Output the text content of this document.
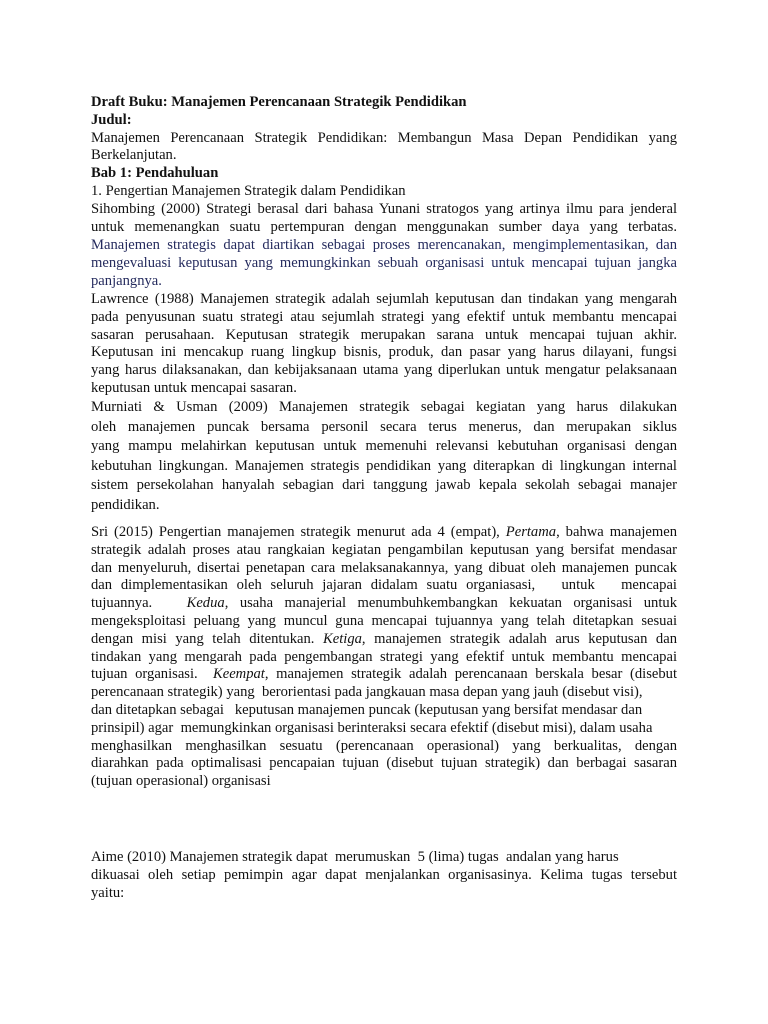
Draft Buku: Manajemen Perencanaan Strategik Pendidikan
Judul:
Manajemen Perencanaan Strategik Pendidikan: Membangun Masa Depan Pendidikan yang
Berkelanjutan.
Bab 1: Pendahuluan
1. Pengertian Manajemen Strategik dalam Pendidikan
Sihombing (2000) Strategi berasal dari bahasa Yunani stratogos yang artinya ilmu para jenderal
untuk memenangkan suatu pertempuran dengan menggunakan sumber daya yang terbatas.
Manajemen strategis dapat diartikan sebagai proses merencanakan, mengimplementasikan, dan
mengevaluasi keputusan yang memungkinkan sebuah organisasi untuk mencapai tujuan jangka
panjangnya.
Lawrence (1988) Manajemen strategik adalah sejumlah keputusan dan tindakan yang mengarah
pada penyusunan suatu strategi atau sejumlah strategi yang efektif untuk membantu mencapai
sasaran perusahaan. Keputusan strategik merupakan sarana untuk mencapai tujuan akhir.
Keputusan ini mencakup ruang lingkup bisnis, produk, dan pasar yang harus dilayani, fungsi
yang harus dilaksanakan, dan kebijaksanaan utama yang diperlukan untuk mengatur pelaksanaan
keputusan untuk mencapai sasaran.
Murniati & Usman (2009) Manajemen strategik sebagai kegiatan yang harus dilakukan
oleh manajemen puncak bersama personil secara terus menerus, dan merupakan siklus
yang mampu melahirkan keputusan untuk memenuhi relevansi kebutuhan organisasi dengan
kebutuhan lingkungan. Manajemen strategis pendidikan yang diterapkan di lingkungan internal
sistem persekolahan hanyalah sebagian dari tanggung jawab kepala sekolah sebagai manajer
pendidikan.
Sri (2015) Pengertian manajemen strategik menurut ada 4 (empat), Pertama, bahwa manajemen
strategik adalah proses atau rangkaian kegiatan pengambilan keputusan yang bersifat mendasar
dan menyeluruh, disertai penetapan cara melaksanakannya, yang dibuat oleh manajemen puncak
dan dimplementasikan oleh seluruh jajaran didalam suatu organiasasi,   untuk   mencapai
tujuannya.   Kedua, usaha manajerial menumbuhkembangkan kekuatan organisasi untuk
mengeksploitasi peluang yang muncul guna mencapai tujuannya yang telah ditetapkan sesuai
dengan misi yang telah ditentukan. Ketiga, manajemen strategik adalah arus keputusan dan
tindakan yang mengarah pada pengembangan strategi yang efektif untuk membantu mencapai
tujuan organisasi.  Keempat, manajemen strategik adalah perencanaan berskala besar (disebut
perencanaan strategik) yang  berorientasi pada jangkauan masa depan yang jauh (disebut visi),
dan ditetapkan sebagai   keputusan manajemen puncak (keputusan yang bersifat mendasar dan
prinsipil) agar  memungkinkan organisasi berinteraksi secara efektif (disebut misi), dalam usaha
menghasilkan menghasilkan sesuatu (perencanaan operasional) yang berkualitas, dengan
diarahkan pada optimalisasi pencapaian tujuan (disebut tujuan strategik) dan berbagai sasaran
(tujuan operasional) organisasi
Aime (2010) Manajemen strategik dapat  merumuskan  5 (lima) tugas  andalan yang harus
dikuasai oleh setiap pemimpin agar dapat menjalankan organisasinya. Kelima tugas tersebut
yaitu:
